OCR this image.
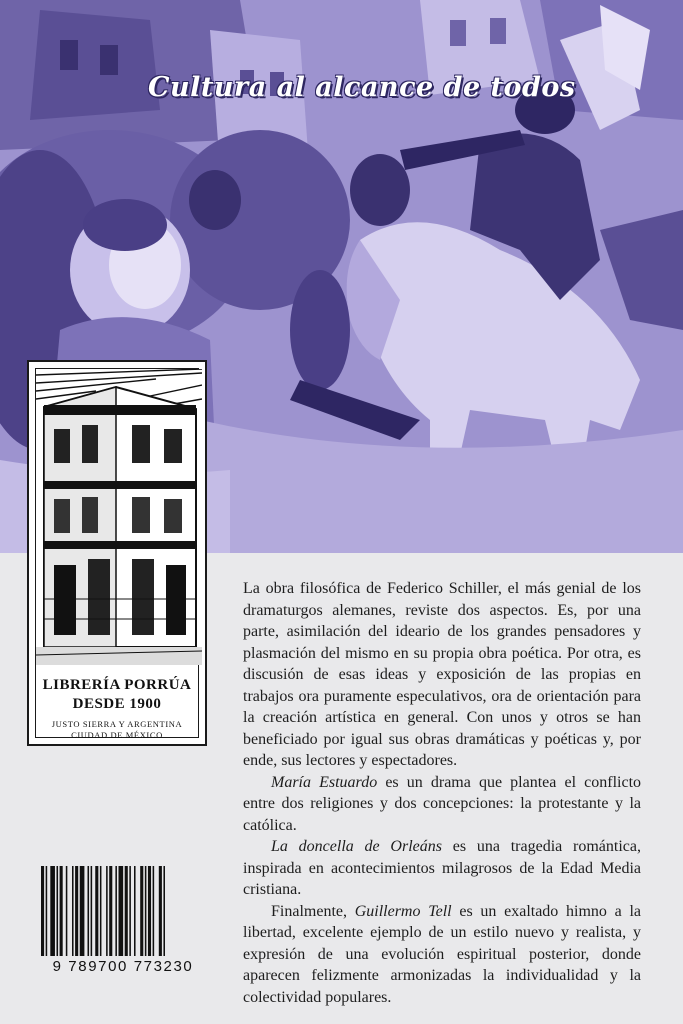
Cultura al alcance de todos
LIBRERÍA PORRÚA
DESDE 1900
JUSTO SIERRA Y ARGENTINA
CIUDAD DE MÉXICO

La obra filosófica de Federico Schiller, el más genial de los dramaturgos alemanes, reviste dos aspectos. Es, por una parte, asimilación del ideario de los grandes pensadores y plasmación del mismo en su propia obra poética. Por otra, es discusión de esas ideas y exposición de las propias en trabajos ora puramente especulativos, ora de orientación para la creación artística en general. Con unos y otros se han beneficiado por igual sus obras dramáticas y poéticas y, por ende, sus lectores y espectadores.

María Estuardo es un drama que plantea el conflicto entre dos religiones y dos concepciones: la protestante y la católica.

La doncella de Orleáns es una tragedia romántica, inspirada en acontecimientos milagrosos de la Edad Media cristiana.

Finalmente, Guillermo Tell es un exaltado himno a la libertad, excelente ejemplo de un estilo nuevo y realista, y expresión de una evolución espiritual posterior, donde aparecen felizmente armonizadas la individualidad y la colectividad populares.

9 789700 773230
